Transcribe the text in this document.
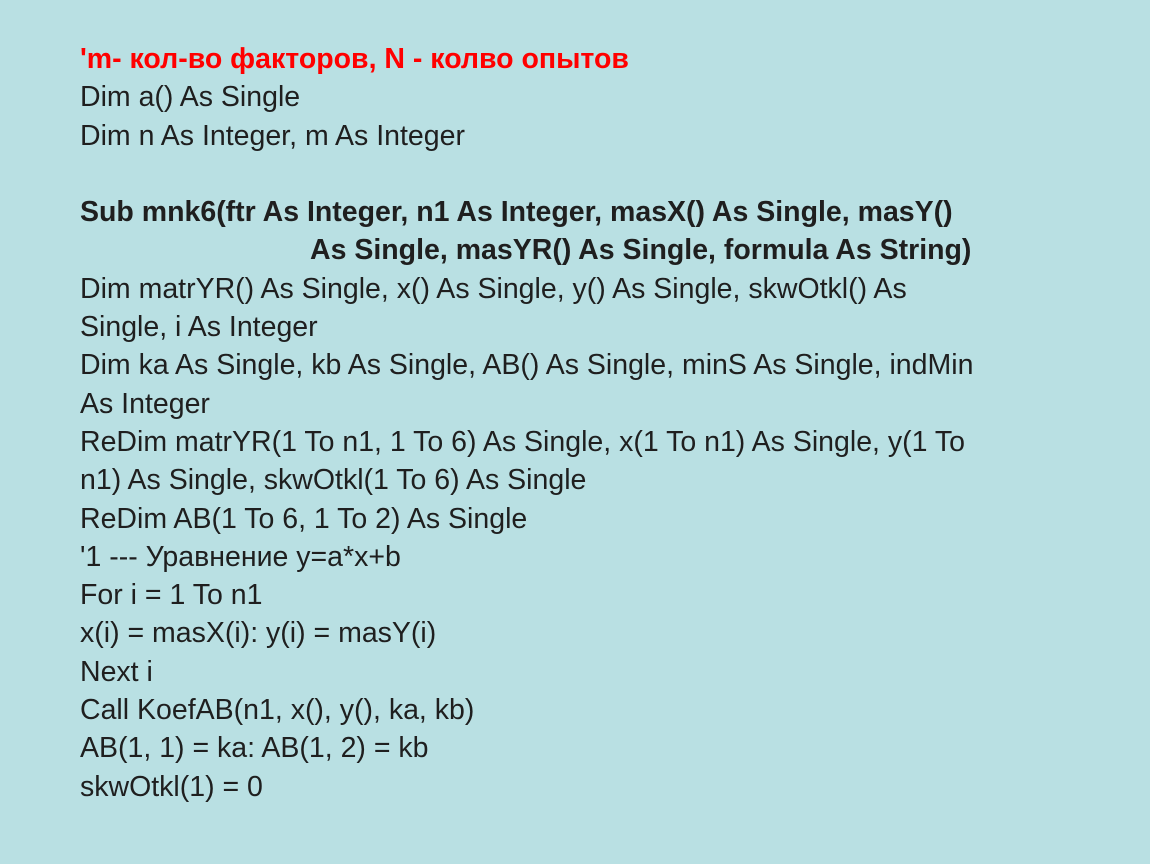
'm- кол-во факторов, N - колво опытов
Dim a() As Single
Dim n As Integer, m As Integer
Sub mnk6(ftr As Integer, n1 As Integer, masX() As Single, masY()
As Single, masYR() As Single, formula As String)
Dim matrYR() As Single, x() As Single, y() As Single, skwOtkl() As
Single, i As Integer
Dim ka As Single, kb As Single, AB() As Single, minS As Single, indMin
As Integer
ReDim matrYR(1 To n1, 1 To 6) As Single, x(1 To n1) As Single, y(1 To
n1) As Single, skwOtkl(1 To 6) As Single
ReDim AB(1 To 6, 1 To 2) As Single
'1 --- Уравнение y=a*x+b
For i = 1 To n1
x(i) = masX(i): y(i) = masY(i)
Next i
Call KoefAB(n1, x(), y(), ka, kb)
AB(1, 1) = ka: AB(1, 2) = kb
skwOtkl(1) = 0
